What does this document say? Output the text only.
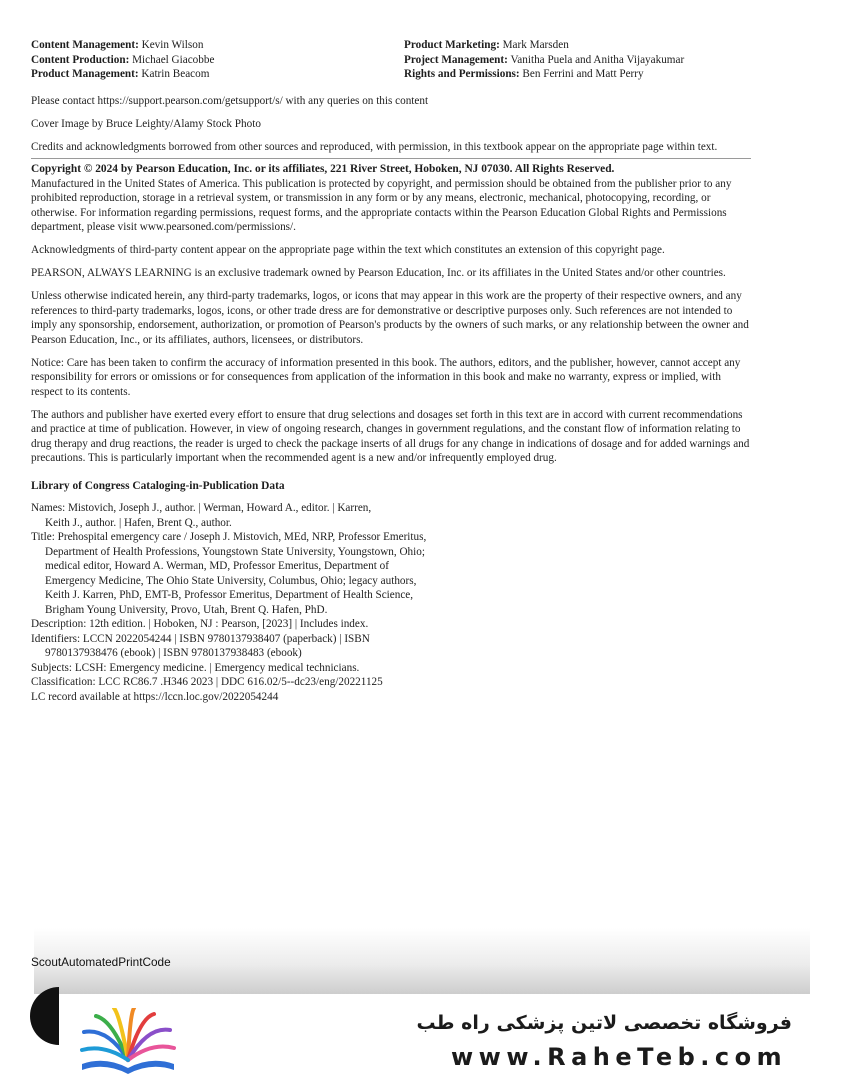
Content Management: Kevin Wilson
Content Production: Michael Giacobbe
Product Management: Katrin Beacom
Product Marketing: Mark Marsden
Project Management: Vanitha Puela and Anitha Vijayakumar
Rights and Permissions: Ben Ferrini and Matt Perry

Please contact https://support.pearson.com/getsupport/s/ with any queries on this content

Cover Image by Bruce Leighty/Alamy Stock Photo

Credits and acknowledgments borrowed from other sources and reproduced, with permission, in this textbook appear on the appropriate page within text.

Copyright © 2024 by Pearson Education, Inc. or its affiliates, 221 River Street, Hoboken, NJ 07030. All Rights Reserved.

Manufactured in the United States of America. This publication is protected by copyright, and permission should be obtained from the publisher prior to any prohibited reproduction, storage in a retrieval system, or transmission in any form or by any means, electronic, mechanical, photocopying, recording, or otherwise. For information regarding permissions, request forms, and the appropriate contacts within the Pearson Education Global Rights and Permissions department, please visit www.pearsoned.com/permissions/.

Acknowledgments of third-party content appear on the appropriate page within the text which constitutes an extension of this copyright page.

PEARSON, ALWAYS LEARNING is an exclusive trademark owned by Pearson Education, Inc. or its affiliates in the United States and/or other countries.

Unless otherwise indicated herein, any third-party trademarks, logos, or icons that may appear in this work are the property of their respective owners, and any references to third-party trademarks, logos, icons, or other trade dress are for demonstrative or descriptive purposes only. Such references are not intended to imply any sponsorship, endorsement, authorization, or promotion of Pearson's products by the owners of such marks, or any relationship between the owner and Pearson Education, Inc., or its affiliates, authors, licensees, or distributors.

Notice: Care has been taken to confirm the accuracy of information presented in this book. The authors, editors, and the publisher, however, cannot accept any responsibility for errors or omissions or for consequences from application of the information in this book and make no warranty, express or implied, with respect to its contents.

The authors and publisher have exerted every effort to ensure that drug selections and dosages set forth in this text are in accord with current recommendations and practice at time of publication. However, in view of ongoing research, changes in government regulations, and the constant flow of information relating to drug therapy and drug reactions, the reader is urged to check the package inserts of all drugs for any change in indications of dosage and for added warnings and precautions. This is particularly important when the recommended agent is a new and/or infrequently employed drug.

Library of Congress Cataloging-in-Publication Data

Names: Mistovich, Joseph J., author. | Werman, Howard A., editor. | Karren, Keith J., author. | Hafen, Brent Q., author.
Title: Prehospital emergency care / Joseph J. Mistovich, MEd, NRP, Professor Emeritus, Department of Health Professions, Youngstown State University, Youngstown, Ohio; medical editor, Howard A. Werman, MD, Professor Emeritus, Department of Emergency Medicine, The Ohio State University, Columbus, Ohio; legacy authors, Keith J. Karren, PhD, EMT-B, Professor Emeritus, Department of Health Science, Brigham Young University, Provo, Utah, Brent Q. Hafen, PhD.
Description: 12th edition. | Hoboken, NJ : Pearson, [2023] | Includes index.
Identifiers: LCCN 2022054244 | ISBN 9780137938407 (paperback) | ISBN 9780137938476 (ebook) | ISBN 9780137938483 (ebook)
Subjects: LCSH: Emergency medicine. | Emergency medical technicians.
Classification: LCC RC86.7 .H346 2023 | DDC 616.02/5--dc23/eng/20221125
LC record available at https://lccn.loc.gov/2022054244
ScoutAutomatedPrintCode
فروشگاه تخصصی لاتین پزشکی راه طب
www.RaheTeb.com
